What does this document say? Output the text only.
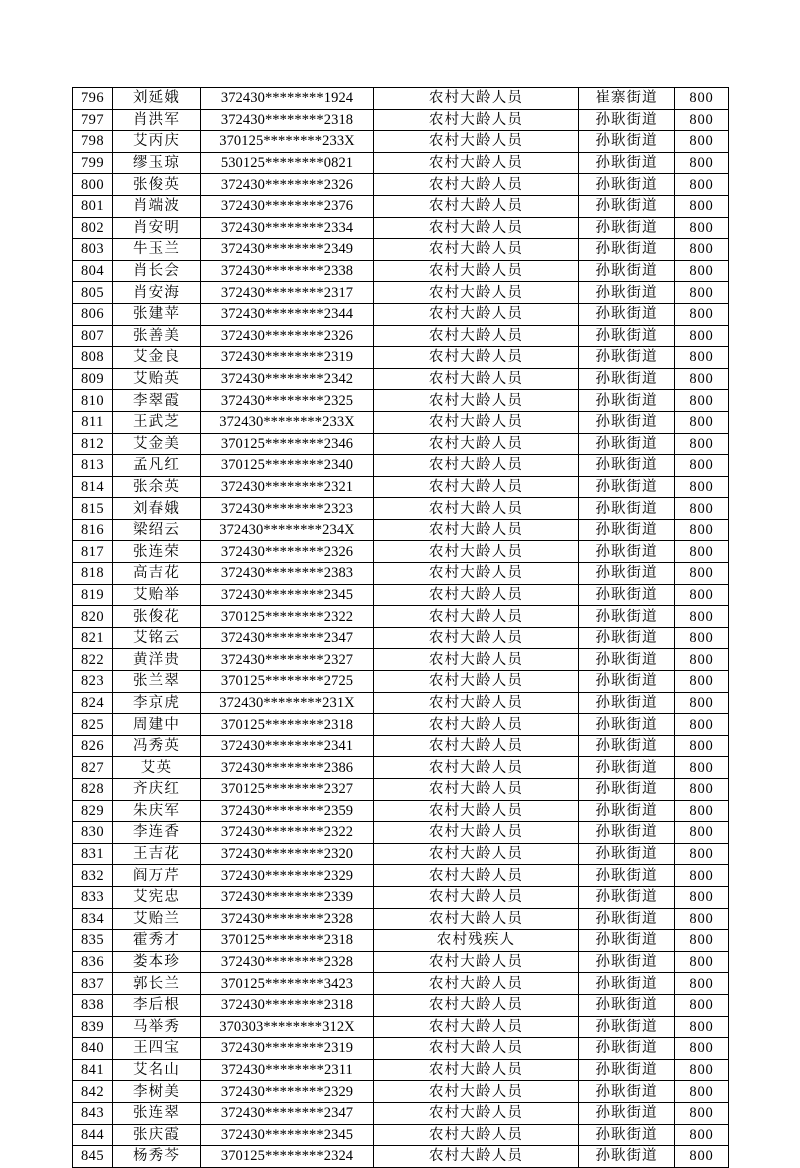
796	刘延娥	372430********1924	农村大龄人员	崔寨街道	800
797	肖洪军	372430********2318	农村大龄人员	孙耿街道	800
798	艾丙庆	370125********233X	农村大龄人员	孙耿街道	800
799	缪玉琼	530125********0821	农村大龄人员	孙耿街道	800
800	张俊英	372430********2326	农村大龄人员	孙耿街道	800
801	肖端波	372430********2376	农村大龄人员	孙耿街道	800
802	肖安明	372430********2334	农村大龄人员	孙耿街道	800
803	牛玉兰	372430********2349	农村大龄人员	孙耿街道	800
804	肖长会	372430********2338	农村大龄人员	孙耿街道	800
805	肖安海	372430********2317	农村大龄人员	孙耿街道	800
806	张建苹	372430********2344	农村大龄人员	孙耿街道	800
807	张善美	372430********2326	农村大龄人员	孙耿街道	800
808	艾金良	372430********2319	农村大龄人员	孙耿街道	800
809	艾贻英	372430********2342	农村大龄人员	孙耿街道	800
810	李翠霞	372430********2325	农村大龄人员	孙耿街道	800
811	王武芝	372430********233X	农村大龄人员	孙耿街道	800
812	艾金美	370125********2346	农村大龄人员	孙耿街道	800
813	孟凡红	370125********2340	农村大龄人员	孙耿街道	800
814	张余英	372430********2321	农村大龄人员	孙耿街道	800
815	刘春娥	372430********2323	农村大龄人员	孙耿街道	800
816	梁绍云	372430********234X	农村大龄人员	孙耿街道	800
817	张连荣	372430********2326	农村大龄人员	孙耿街道	800
818	高吉花	372430********2383	农村大龄人员	孙耿街道	800
819	艾贻举	372430********2345	农村大龄人员	孙耿街道	800
820	张俊花	370125********2322	农村大龄人员	孙耿街道	800
821	艾铭云	372430********2347	农村大龄人员	孙耿街道	800
822	黄洋贵	372430********2327	农村大龄人员	孙耿街道	800
823	张兰翠	370125********2725	农村大龄人员	孙耿街道	800
824	李京虎	372430********231X	农村大龄人员	孙耿街道	800
825	周建中	370125********2318	农村大龄人员	孙耿街道	800
826	冯秀英	372430********2341	农村大龄人员	孙耿街道	800
827	艾英	372430********2386	农村大龄人员	孙耿街道	800
828	齐庆红	370125********2327	农村大龄人员	孙耿街道	800
829	朱庆军	372430********2359	农村大龄人员	孙耿街道	800
830	李连香	372430********2322	农村大龄人员	孙耿街道	800
831	王吉花	372430********2320	农村大龄人员	孙耿街道	800
832	阎万芹	372430********2329	农村大龄人员	孙耿街道	800
833	艾宪忠	372430********2339	农村大龄人员	孙耿街道	800
834	艾贻兰	372430********2328	农村大龄人员	孙耿街道	800
835	霍秀才	370125********2318	农村残疾人	孙耿街道	800
836	娄本珍	372430********2328	农村大龄人员	孙耿街道	800
837	郭长兰	370125********3423	农村大龄人员	孙耿街道	800
838	李后根	372430********2318	农村大龄人员	孙耿街道	800
839	马举秀	370303********312X	农村大龄人员	孙耿街道	800
840	王四宝	372430********2319	农村大龄人员	孙耿街道	800
841	艾名山	372430********2311	农村大龄人员	孙耿街道	800
842	李树美	372430********2329	农村大龄人员	孙耿街道	800
843	张连翠	372430********2347	农村大龄人员	孙耿街道	800
844	张庆霞	372430********2345	农村大龄人员	孙耿街道	800
845	杨秀芩	370125********2324	农村大龄人员	孙耿街道	800
